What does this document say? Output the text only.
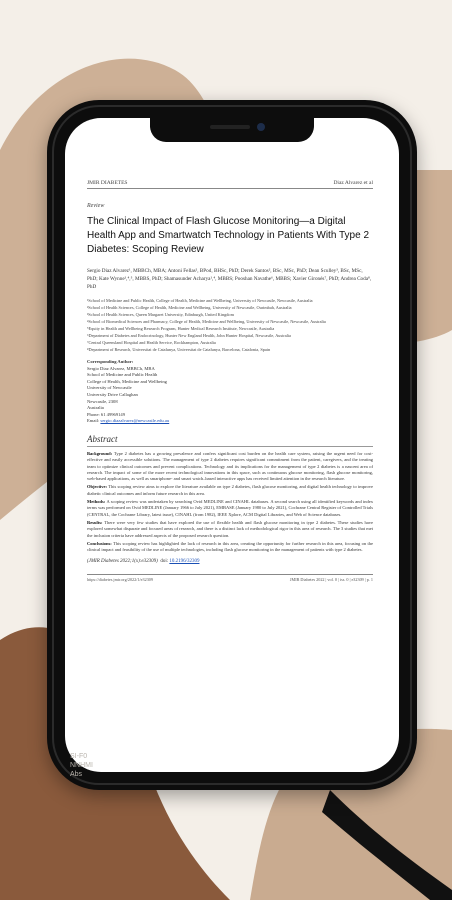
JMIR DIABETES	Diaz Alvarez et al
Review
The Clinical Impact of Flash Glucose Monitoring—a Digital Health App and Smartwatch Technology in Patients With Type 2 Diabetes: Scoping Review
Sergio Diaz Alvarez¹, MBBCh, MBA; Antoni Fellas², BPod, BHSc, PhD; Derek Santos², BSc, MSc, PhD; Dean Sculley³, BSc, MSc, PhD; Kate Wynne¹,⁴,⁵, MBBS, PhD; Shamasunder Acharya¹,⁴, MBBS; Pooshan Navathe⁶, MBBS; Xavier Gironés⁷, PhD; Andrea Coda⁸, PhD
¹School of Medicine and Public Health, College of Health, Medicine and Wellbeing, University of Newcastle, Newcastle, Australia
²School of Health Sciences, College of Health, Medicine and Wellbeing, University of Newcastle, Ourimbah, Australia
³School of Health Sciences, Queen Margaret University, Edinburgh, United Kingdom
⁴School of Biomedical Sciences and Pharmacy, College of Health, Medicine and Wellbeing, University of Newcastle, Newcastle, Australia
⁵Equity in Health and Wellbeing Research Program, Hunter Medical Research Institute, Newcastle, Australia
⁶Department of Diabetes and Endocrinology, Hunter New England Health, John Hunter Hospital, Newcastle, Australia
⁷Central Queensland Hospital and Health Service, Rockhampton, Australia
⁸Department of Research, Universitat de Catalunya, Universitat de Catalunya, Barcelona, Catalonia, Spain
Corresponding Author:
Sergio Diaz Alvarez, MBBCh, MBA
School of Medicine and Public Health
College of Health, Medicine and Wellbeing
University of Newcastle
University Drive Callaghan
Newcastle, 2308
Australia
Phone: 61 49969149
Email: sergio.diazalvarez@newcastle.edu.au
Abstract

Background: Type 2 diabetes has a growing prevalence and confers significant cost burden on the health care system, raising the urgent need for cost-effective and easily accessible solutions. The management of type 2 diabetes requires significant commitment from the patient, caregivers, and the treating team to optimize clinical outcomes and prevent complications. Technology and its implications for the management of type 2 diabetes is a nascent area of research. The impact of some of the more recent technological innovations in this space, such as continuous glucose monitoring, flash glucose monitoring, web-based applications, as well as smartphone- and smart watch–based interactive apps has received limited attention in the research literature.

Objective: This scoping review aims to explore the literature available on type 2 diabetes, flash glucose monitoring, and digital health technology to improve diabetic clinical outcomes and inform future research in this area.

Methods: A scoping review was undertaken by searching Ovid MEDLINE and CINAHL databases. A second search using all identified keywords and index terms was performed on Ovid MEDLINE (January 1966 to July 2021), EMBASE (January 1980 to July 2021), Cochrane Central Register of Controlled Trials (CENTRAL, the Cochrane Library, latest issue), CINAHL (from 1982), IEEE Xplore, ACM Digital Libraries, and Web of Science databases.

Results: There were very few studies that have explored the use of flexible health and flash glucose monitoring in type 2 diabetes. These studies have explored somewhat disparate and focused areas of research, and there is a distinct lack of methodological rigor in this area of research. The 3 studies that met the inclusion criteria have addressed aspects of the proposed research question.

Conclusions: This scoping review has highlighted the lack of research in this area, creating the opportunity for further research in this area, focusing on the clinical impact and feasibility of the use of multiple technologies, including flash glucose monitoring in the management of patients with type 2 diabetes.

(JMIR Diabetes 2022;1(x):e32309) doi: 10.2196/32309
https://diabetes.jmir.org/2022/1/e32309	JMIR Diabetes 2022 | vol. 0 | iss. 0 | e32309 | p. 1
SI-F0
NNHMI
Abs
